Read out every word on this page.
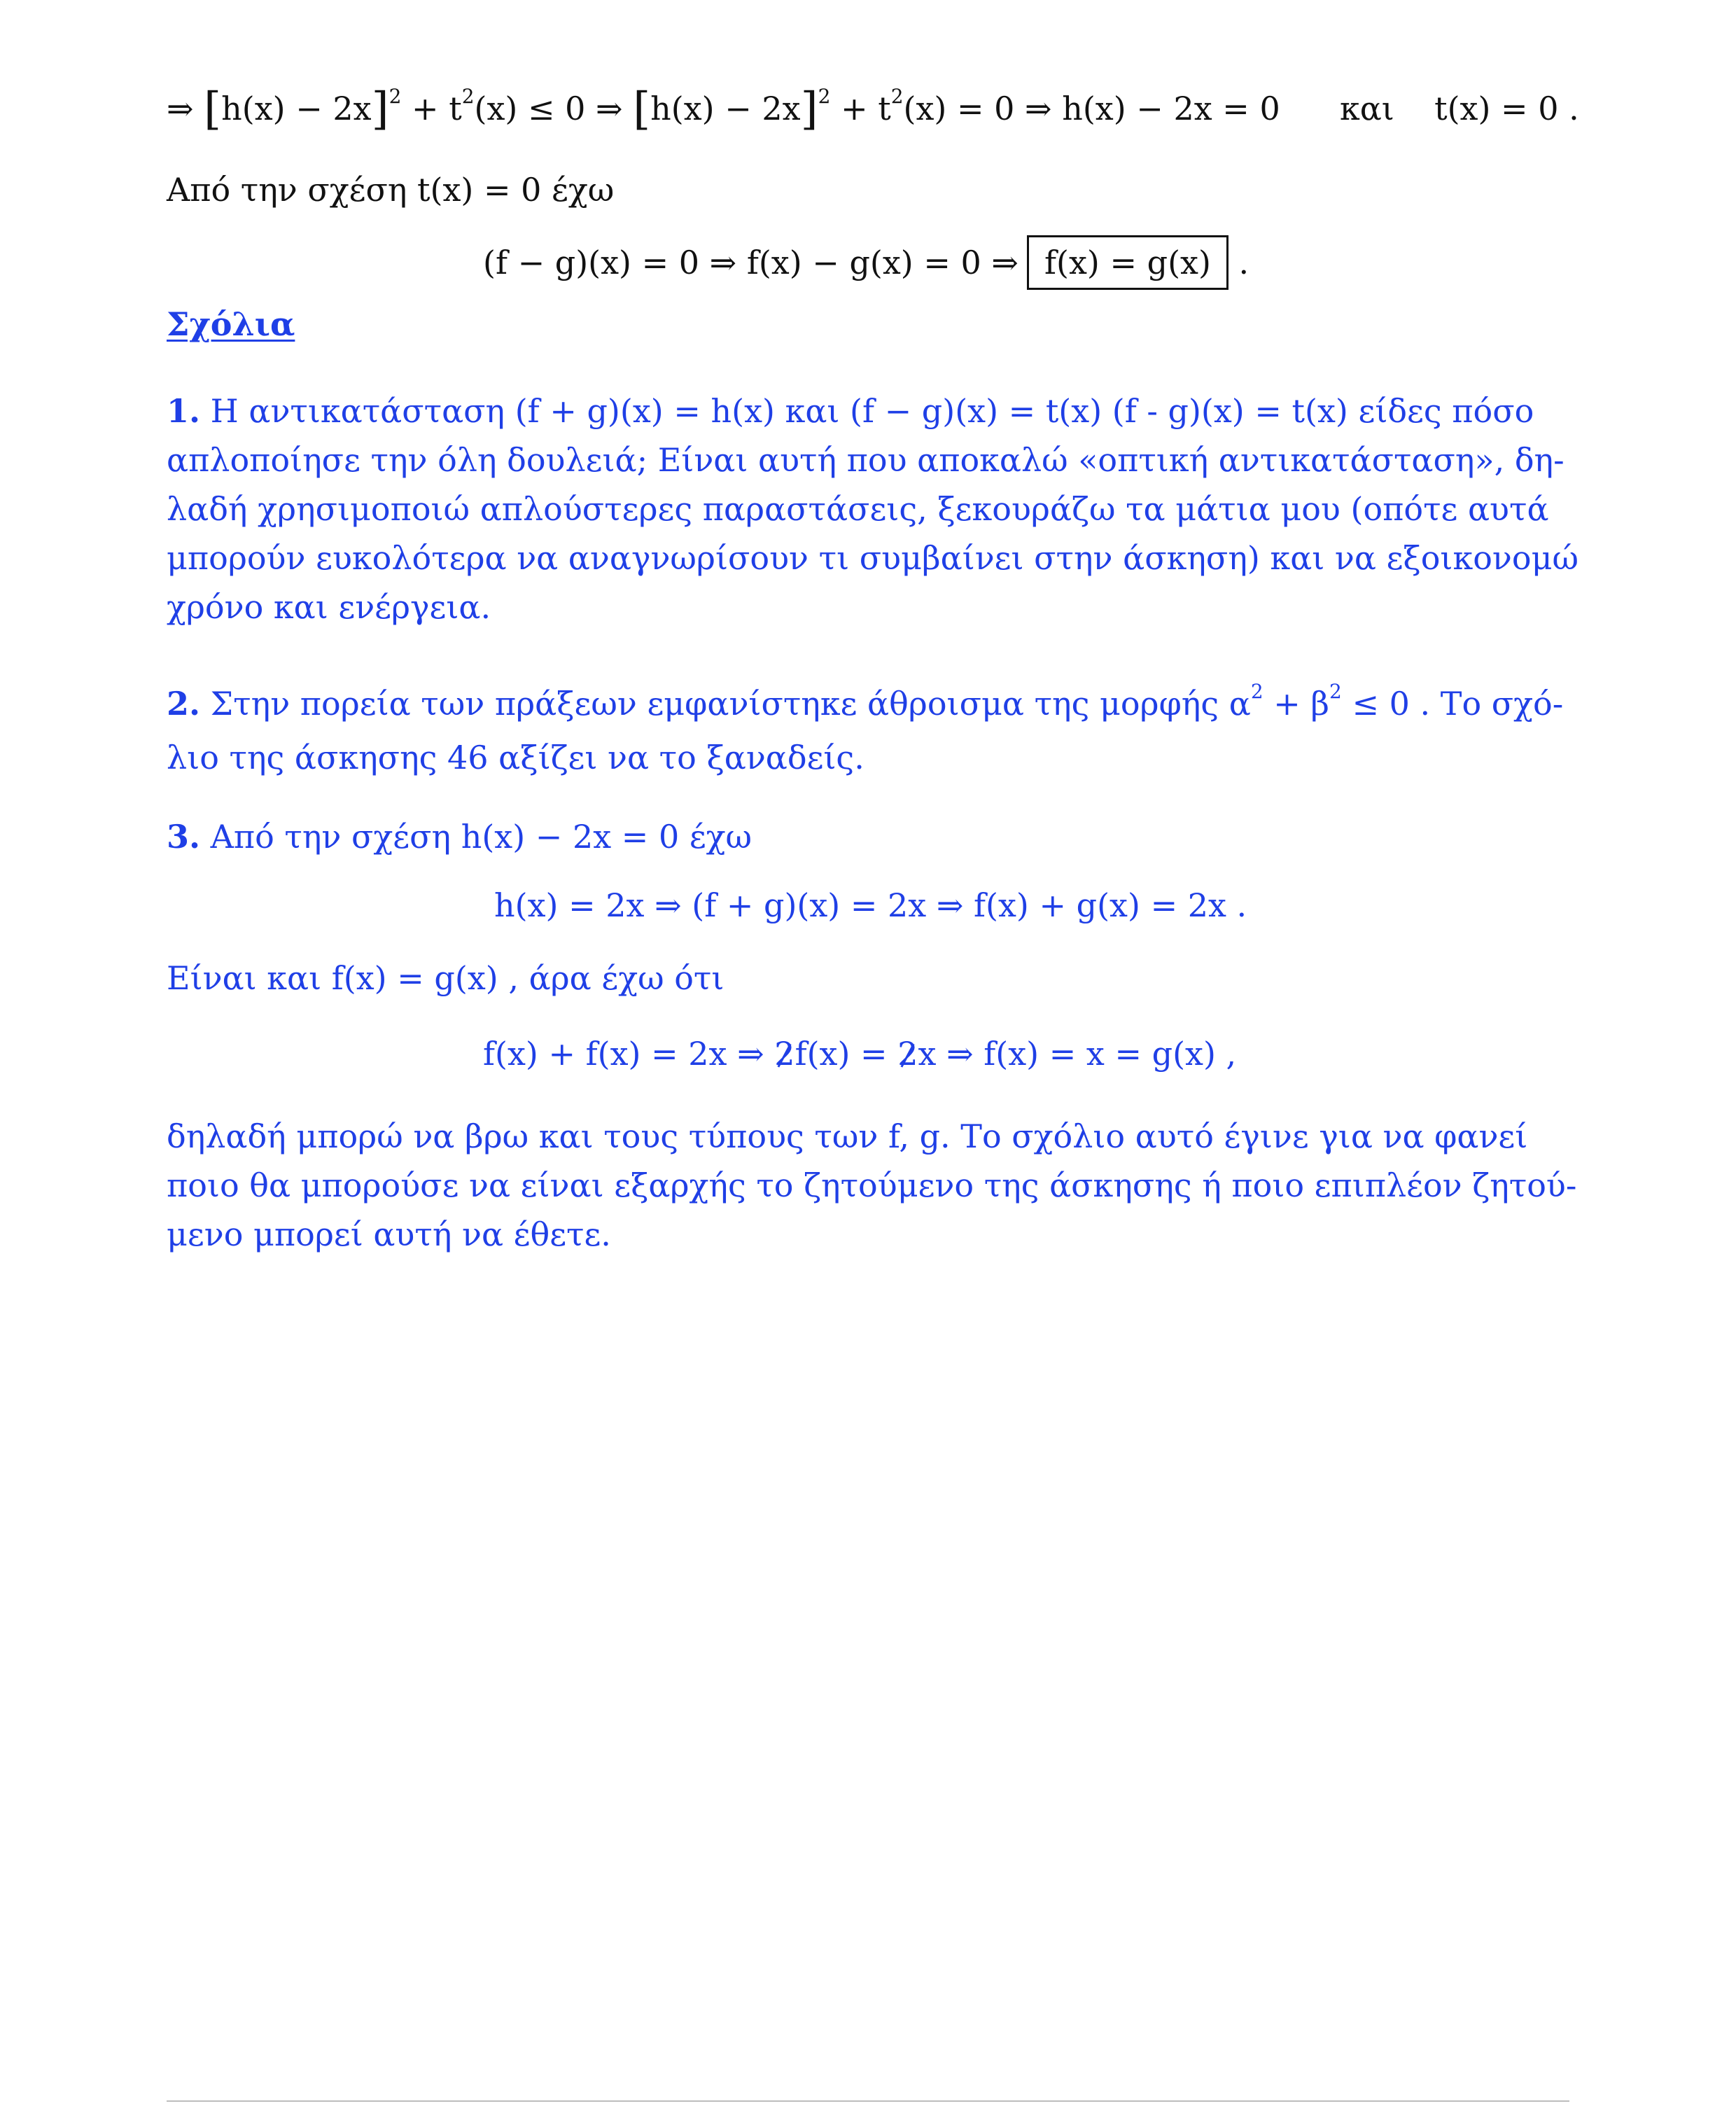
⇒ $[h(x) - 2x]^2 + t^2(x) \le 0$ ⇒ $[h(x) - 2x]^2 + t^2(x) = 0$ ⇒ h(x) − 2x = 0 και t(x) = 0 .
Από την σχέση t(x) = 0 έχω
(f − g)(x) = 0 ⇒ f(x) − g(x) = 0 ⇒ f(x) = g(x) .
Σχόλια
1. Η αντικατάσταση (f + g)(x) = h(x) και (f − g)(x) = t(x) (f - g)(x) = t(x) είδες πόσο
απλοποίησε την όλη δουλειά; Είναι αυτή που αποκαλώ «οπτική αντικατάσταση», δη-
λαδή χρησιμοποιώ απλούστερες παραστάσεις, ξεκουράζω τα μάτια μου (οπότε αυτά
μπορούν ευκολότερα να αναγνωρίσουν τι συμβαίνει στην άσκηση) και να εξοικονομώ
χρόνο και ενέργεια.
2. Στην πορεία των πράξεων εμφανίστηκε άθροισμα της μορφής $\alpha^2 + \beta^2 \le 0$ . Το σχό-
λιο της άσκησης 46 αξίζει να το ξαναδείς.
3. Από την σχέση h(x) − 2x = 0 έχω
h(x) = 2x ⇒ (f + g)(x) = 2x ⇒ f(x) + g(x) = 2x .
Είναι και f(x) = g(x) , άρα έχω ότι
f(x) + f(x) = 2x ⇒ 2f(x) = 2x ⇒ f(x) = x = g(x) ,
δηλαδή μπορώ να βρω και τους τύπους των f, g. Το σχόλιο αυτό έγινε για να φανεί
ποιο θα μπορούσε να είναι εξαρχής το ζητούμενο της άσκησης ή ποιο επιπλέον ζητού-
μενο μπορεί αυτή να έθετε.
